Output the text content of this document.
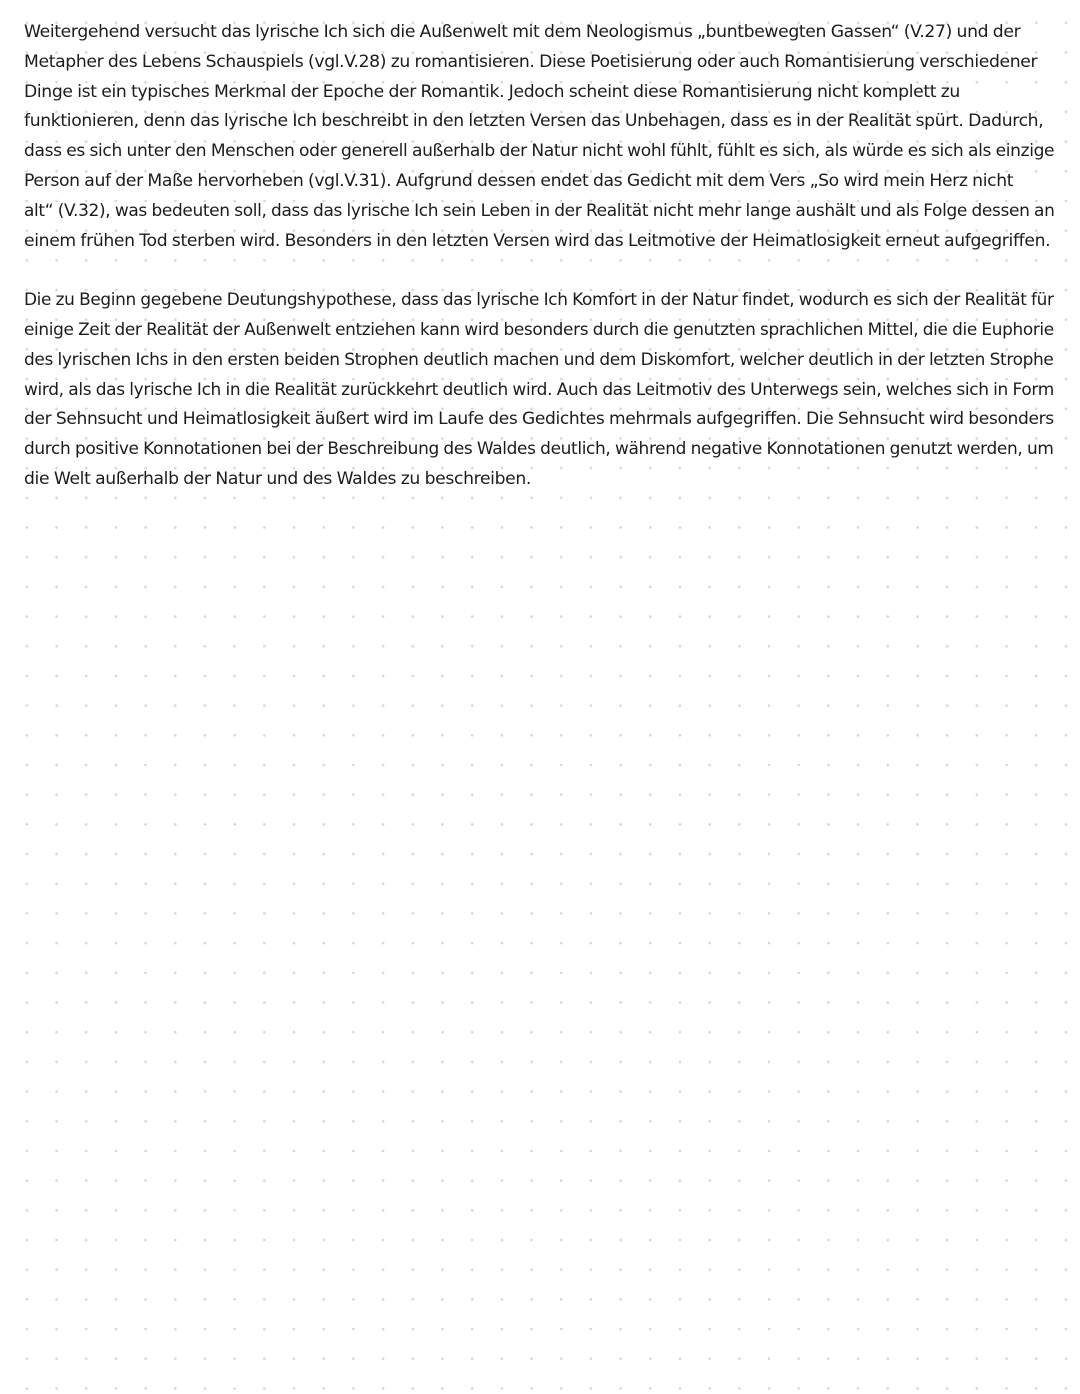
Weitergehend versucht das lyrische Ich sich die Außenwelt mit dem Neologismus „buntbewegten Gassen“ (V.27) und der
Metapher des Lebens Schauspiels (vgl.V.28) zu romantisieren. Diese Poetisierung oder auch Romantisierung verschiedener
Dinge ist ein typisches Merkmal der Epoche der Romantik. Jedoch scheint diese Romantisierung nicht komplett zu
funktionieren, denn das lyrische Ich beschreibt in den letzten Versen das Unbehagen, dass es in der Realität spürt. Dadurch,
dass es sich unter den Menschen oder generell außerhalb der Natur nicht wohl fühlt, fühlt es sich, als würde es sich als einzige
Person auf der Maße hervorheben (vgl.V.31). Aufgrund dessen endet das Gedicht mit dem Vers „So wird mein Herz nicht
alt“ (V.32), was bedeuten soll, dass das lyrische Ich sein Leben in der Realität nicht mehr lange aushält und als Folge dessen an
einem frühen Tod sterben wird. Besonders in den letzten Versen wird das Leitmotive der Heimatlosigkeit erneut aufgegriffen.

Die zu Beginn gegebene Deutungshypothese, dass das lyrische Ich Komfort in der Natur findet, wodurch es sich der Realität für
einige Zeit der Realität der Außenwelt entziehen kann wird besonders durch die genutzten sprachlichen Mittel, die die Euphorie
des lyrischen Ichs in den ersten beiden Strophen deutlich machen und dem Diskomfort, welcher deutlich in der letzten Strophe
wird, als das lyrische Ich in die Realität zurückkehrt deutlich wird. Auch das Leitmotiv des Unterwegs sein, welches sich in Form
der Sehnsucht und Heimatlosigkeit äußert wird im Laufe des Gedichtes mehrmals aufgegriffen. Die Sehnsucht wird besonders
durch positive Konnotationen bei der Beschreibung des Waldes deutlich, während negative Konnotationen genutzt werden, um
die Welt außerhalb der Natur und des Waldes zu beschreiben.
